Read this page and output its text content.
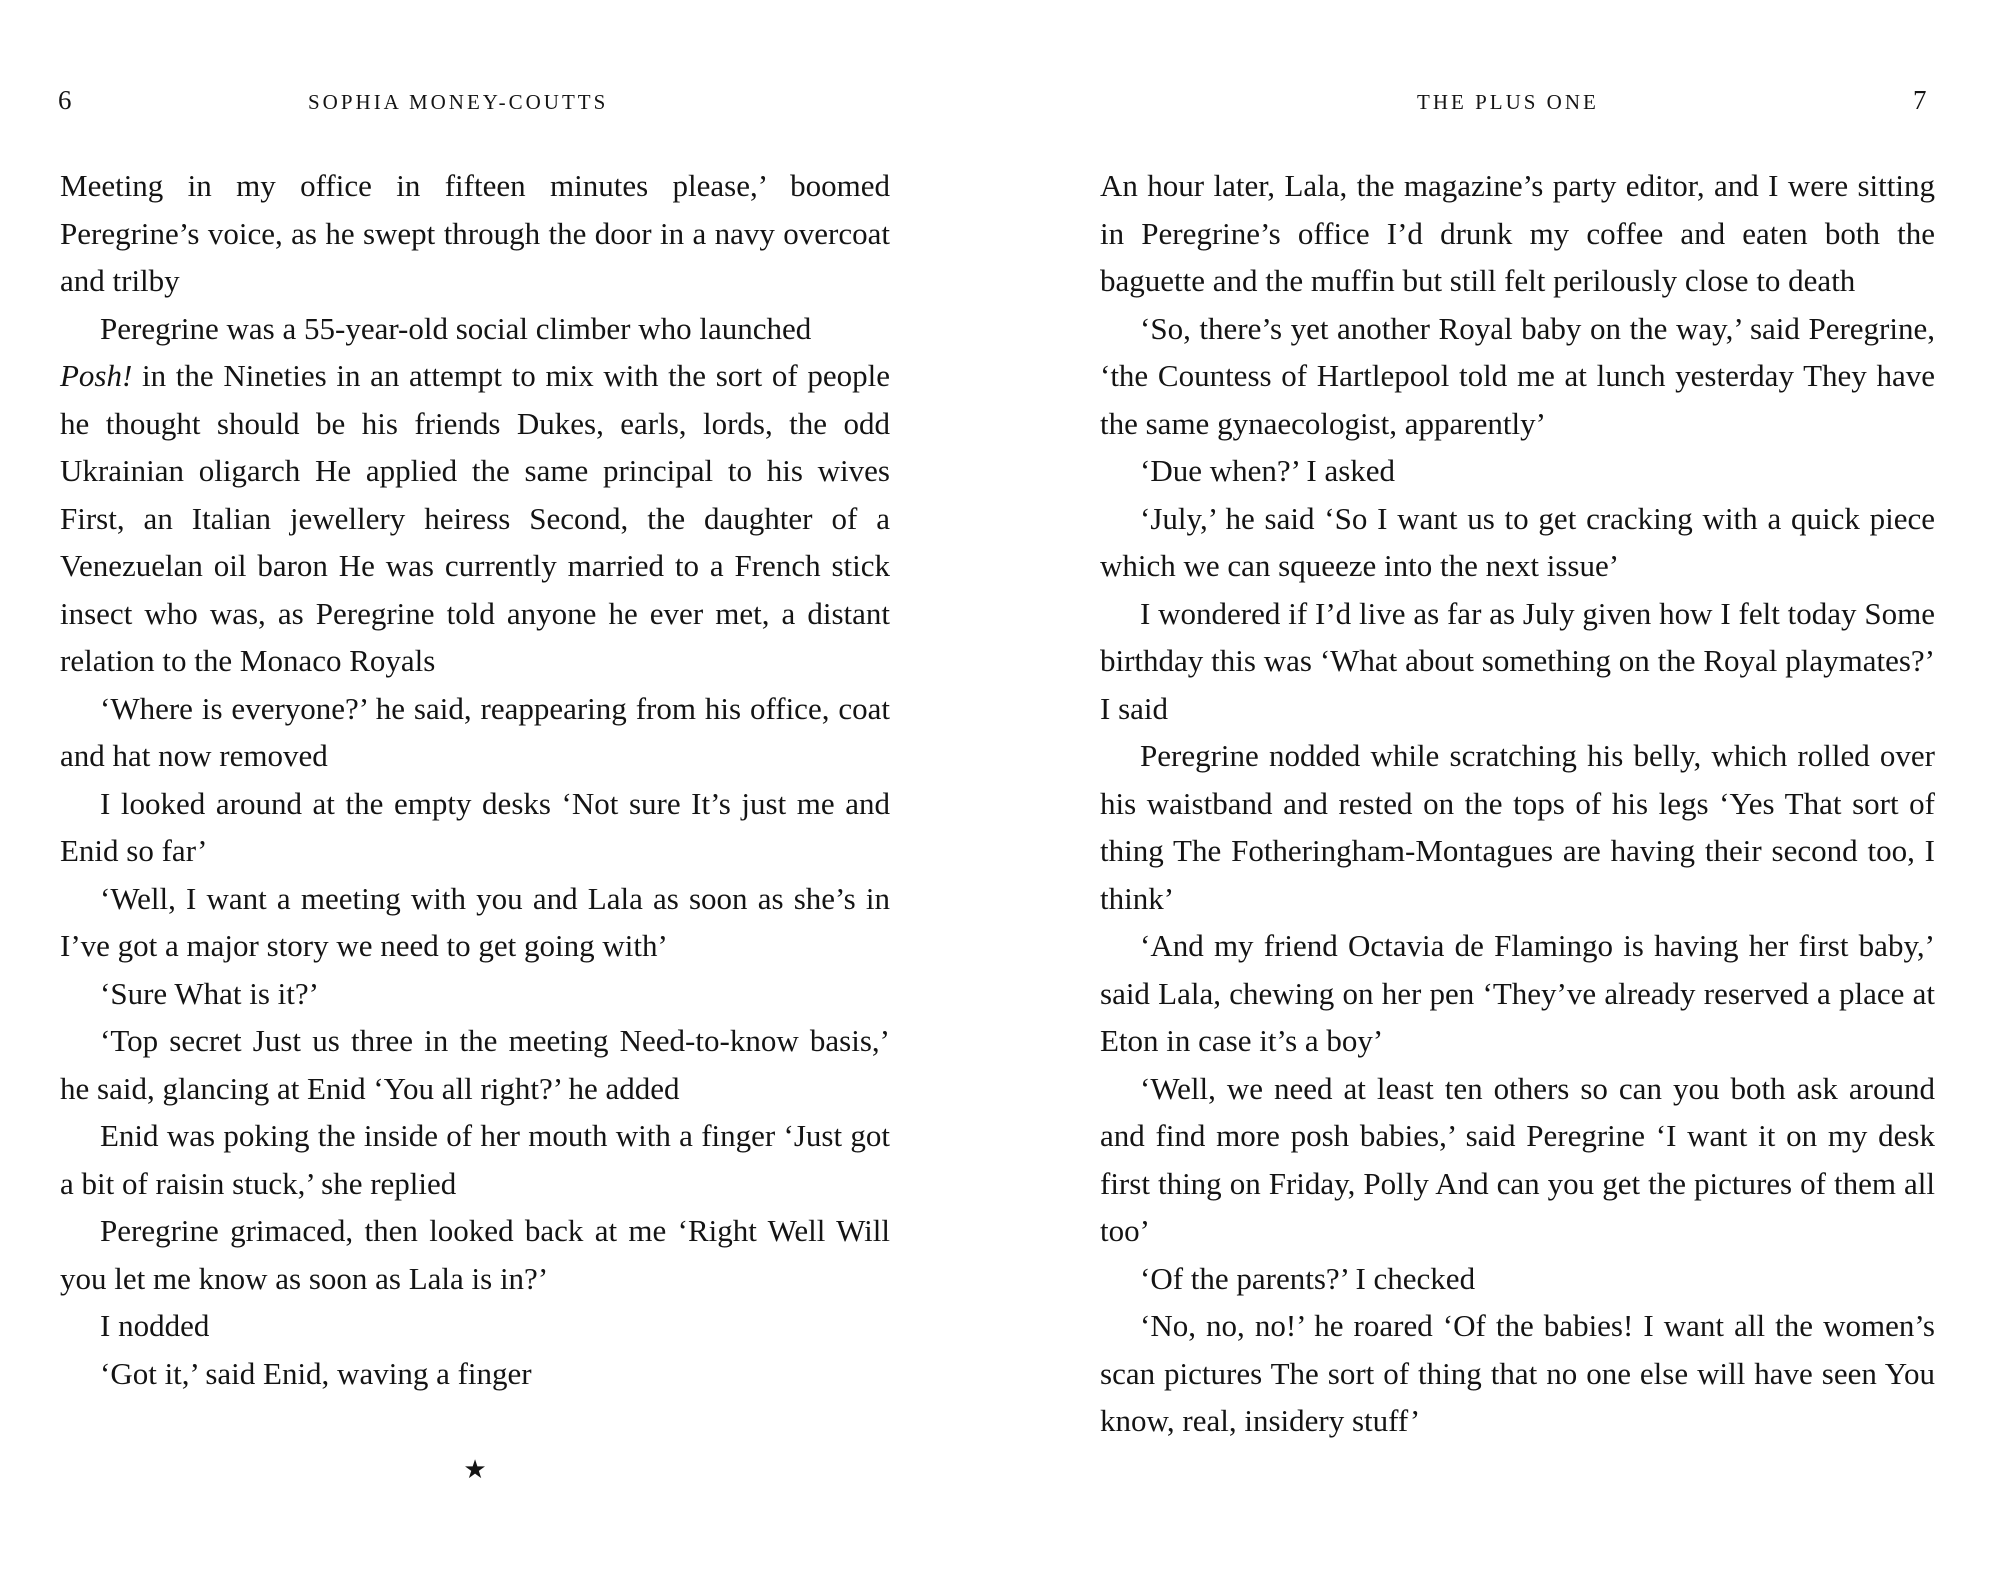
6	SOPHIA MONEY-COUTTS

Meeting in my office in fifteen minutes please,’ boomed Peregrine’s voice, as he swept through the door in a navy overcoat and trilby

Peregrine was a 55-year-old social climber who launched
Posh! in the Nineties in an attempt to mix with the sort of people he thought should be his friends Dukes, earls, lords, the odd Ukrainian oligarch He applied the same principal to his wives First, an Italian jewellery heiress Second, the daughter of a Venezuelan oil baron He was currently married to a French stick insect who was, as Peregrine told anyone he ever met, a distant relation to the Monaco Royals

‘Where is everyone?’ he said, reappearing from his office, coat and hat now removed

I looked around at the empty desks ‘Not sure It’s just me and Enid so far’

‘Well, I want a meeting with you and Lala as soon as she’s in I’ve got a major story we need to get going with’

‘Sure What is it?’

‘Top secret Just us three in the meeting Need-to-know basis,’ he said, glancing at Enid ‘You all right?’ he added

Enid was poking the inside of her mouth with a finger ‘Just got a bit of raisin stuck,’ she replied

Peregrine grimaced, then looked back at me ‘Right Well Will you let me know as soon as Lala is in?’

I nodded

‘Got it,’ said Enid, waving a finger

★
THE PLUS ONE	7

An hour later, Lala, the magazine’s party editor, and I were sitting in Peregrine’s office I’d drunk my coffee and eaten both the baguette and the muffin but still felt perilously close to death

‘So, there’s yet another Royal baby on the way,’ said Peregrine, ‘the Countess of Hartlepool told me at lunch yesterday They have the same gynaecologist, apparently’

‘Due when?’ I asked

‘July,’ he said ‘So I want us to get cracking with a quick piece which we can squeeze into the next issue’

I wondered if I’d live as far as July given how I felt today Some birthday this was ‘What about something on the Royal playmates?’ I said

Peregrine nodded while scratching his belly, which rolled over his waistband and rested on the tops of his legs ‘Yes That sort of thing The Fotheringham-Montagues are having their second too, I think’

‘And my friend Octavia de Flamingo is having her first baby,’ said Lala, chewing on her pen ‘They’ve already reserved a place at Eton in case it’s a boy’

‘Well, we need at least ten others so can you both ask around and find more posh babies,’ said Peregrine ‘I want it on my desk first thing on Friday, Polly And can you get the pictures of them all too’

‘Of the parents?’ I checked

‘No, no, no!’ he roared ‘Of the babies! I want all the women’s scan pictures The sort of thing that no one else will have seen You know, real, insidery stuff’
